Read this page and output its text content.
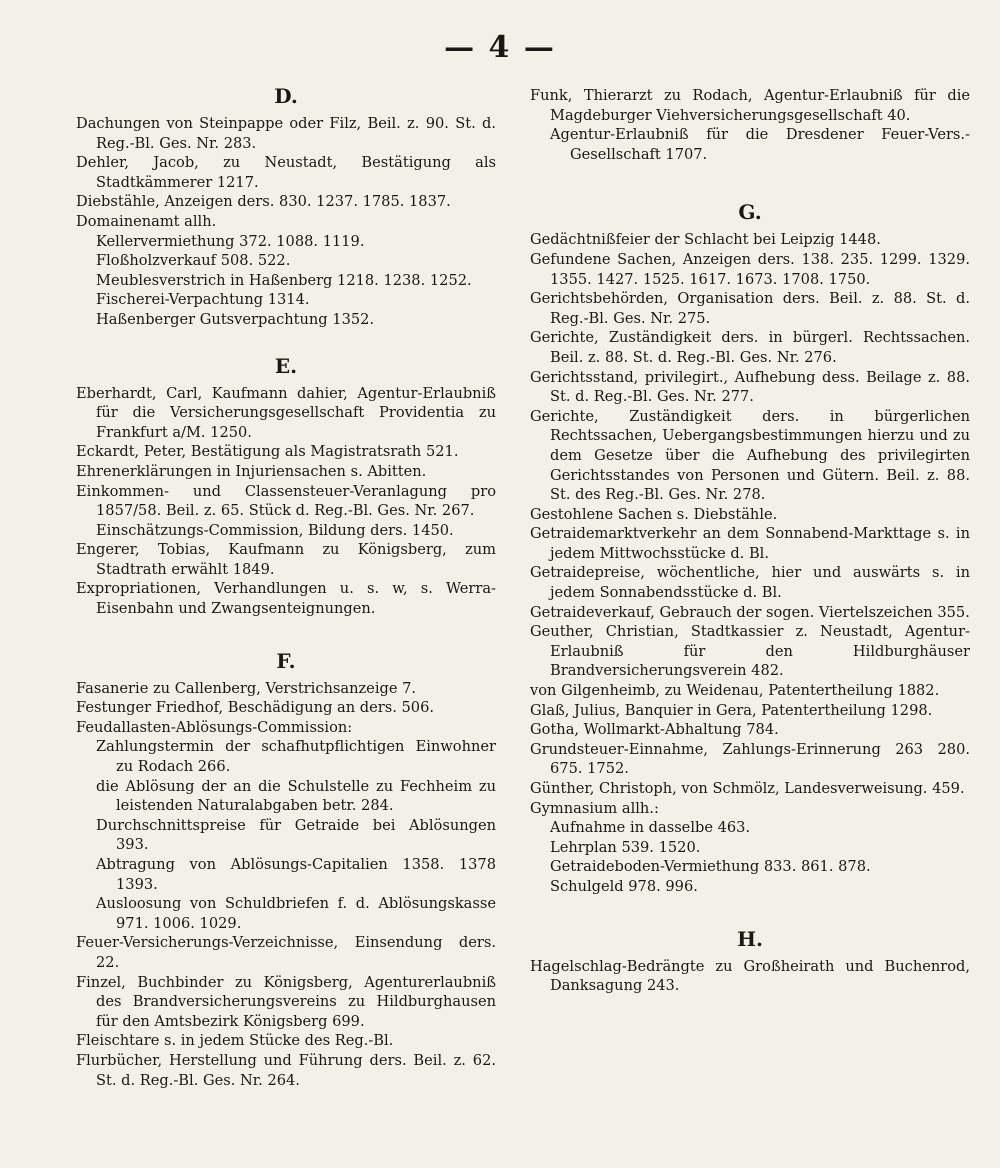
— 4 —
D.

Dachungen von Steinpappe oder Filz, Beil. z. 90. St. d. Reg.-Bl. Ges. Nr. 283.

Dehler, Jacob, zu Neustadt, Bestätigung als Stadtkämmerer 1217.

Diebstähle, Anzeigen ders. 830. 1237. 1785. 1837.

Domainenamt allh.

Kellervermiethung 372. 1088. 1119.

Floßholzverkauf 508. 522.

Meublesverstrich in Haßenberg 1218. 1238. 1252.

Fischerei-Verpachtung 1314.

Haßenberger Gutsverpachtung 1352.

E.

Eberhardt, Carl, Kaufmann dahier, Agentur-Erlaubniß für die Versicherungsgesellschaft Providentia zu Frankfurt a/M. 1250.

Eckardt, Peter, Bestätigung als Magistratsrath 521.

Ehrenerklärungen in Injuriensachen s. Abitten.

Einkommen- und Classensteuer-Veranlagung pro 1857/58. Beil. z. 65. Stück d. Reg.-Bl. Ges. Nr. 267.

Einschätzungs-Commission, Bildung ders. 1450.

Engerer, Tobias, Kaufmann zu Königsberg, zum Stadtrath erwählt 1849.

Expropriationen, Verhandlungen u. s. w, s. Werra-Eisenbahn und Zwangsenteignungen.

F.

Fasanerie zu Callenberg, Verstrichsanzeige 7.

Festunger Friedhof, Beschädigung an ders. 506.

Feudallasten-Ablösungs-Commission:

Zahlungstermin der schafhutpflichtigen Einwohner zu Rodach 266.

die Ablösung der an die Schulstelle zu Fechheim zu leistenden Naturalabgaben betr. 284.

Durchschnittspreise für Getraide bei Ablösungen 393.

Abtragung von Ablösungs-Capitalien 1358. 1378 1393.

Ausloosung von Schuldbriefen f. d. Ablösungskasse 971. 1006. 1029.

Feuer-Versicherungs-Verzeichnisse, Einsendung ders. 22.

Finzel, Buchbinder zu Königsberg, Agenturerlaubniß des Brandversicherungsvereins zu Hildburghausen für den Amtsbezirk Königsberg 699.

Fleischtare s. in jedem Stücke des Reg.-Bl.

Flurbücher, Herstellung und Führung ders. Beil. z. 62. St. d. Reg.-Bl. Ges. Nr. 264.

Funk, Thierarzt zu Rodach, Agentur-Erlaubniß für die Magdeburger Viehversicherungsgesellschaft 40.

Agentur-Erlaubniß für die Dresdener Feuer-Vers.-Gesellschaft 1707.

G.

Gedächtnißfeier der Schlacht bei Leipzig 1448.

Gefundene Sachen, Anzeigen ders. 138. 235. 1299. 1329. 1355. 1427. 1525. 1617. 1673. 1708. 1750.

Gerichtsbehörden, Organisation ders. Beil. z. 88. St. d. Reg.-Bl. Ges. Nr. 275.

Gerichte, Zuständigkeit ders. in bürgerl. Rechtssachen. Beil. z. 88. St. d. Reg.-Bl. Ges. Nr. 276.

Gerichtsstand, privilegirt., Aufhebung dess. Beilage z. 88. St. d. Reg.-Bl. Ges. Nr. 277.

Gerichte, Zuständigkeit ders. in bürgerlichen Rechtssachen, Uebergangsbestimmungen hierzu und zu dem Gesetze über die Aufhebung des privilegirten Gerichtsstandes von Personen und Gütern. Beil. z. 88. St. des Reg.-Bl. Ges. Nr. 278.

Gestohlene Sachen s. Diebstähle.

Getraidemarktverkehr an dem Sonnabend-Markttage s. in jedem Mittwochsstücke d. Bl.

Getraidepreise, wöchentliche, hier und auswärts s. in jedem Sonnabendsstücke d. Bl.

Getraideverkauf, Gebrauch der sogen. Viertelszeichen 355.

Geuther, Christian, Stadtkassier z. Neustadt, Agentur-Erlaubniß für den Hildburghäuser Brandversicherungsverein 482.

von Gilgenheimb, zu Weidenau, Patentertheilung 1882.

Glaß, Julius, Banquier in Gera, Patentertheilung 1298.

Gotha, Wollmarkt-Abhaltung 784.

Grundsteuer-Einnahme, Zahlungs-Erinnerung 263 280. 675. 1752.

Günther, Christoph, von Schmölz, Landesverweisung. 459.

Gymnasium allh.:

Aufnahme in dasselbe 463.

Lehrplan 539. 1520.

Getraideboden-Vermiethung 833. 861. 878.

Schulgeld 978. 996.

H.

Hagelschlag-Bedrängte zu Großheirath und Buchenrod, Danksagung 243.
